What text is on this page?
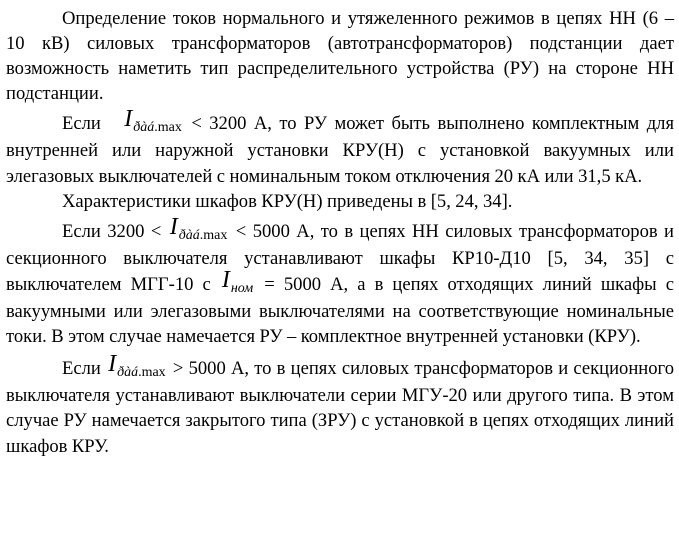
Определение токов нормального и утяжеленного режимов в цепях НН (6 – 10 кВ) силовых трансформаторов (автотрансформаторов) подстанции дает возможность наметить тип распределительного устройства (РУ) на стороне НН подстанции.

Если Iðàá.max < 3200 А, то РУ может быть выполнено комплектным для внутренней или наружной установки КРУ(Н) с установкой вакуумных или элегазовых выключателей с номинальным током отключения 20 кА или 31,5 кА.

Характеристики шкафов КРУ(Н) приведены в [5, 24, 34].

Если 3200 < Iðàá.max < 5000 А, то в цепях НН силовых трансформаторов и секционного выключателя устанавливают шкафы КР10-Д10 [5, 34, 35] с выключателем МГГ-10 с Iном = 5000 А, а в цепях отходящих линий шкафы с вакуумными или элегазовыми выключателями на соответствующие номинальные токи. В этом случае намечается РУ – комплектное внутренней установки (КРУ).

Если Iðàá.max > 5000 А, то в цепях силовых трансформаторов и секционного выключателя устанавливают выключатели серии МГУ-20 или другого типа. В этом случае РУ намечается закрытого типа (ЗРУ) с установкой в цепях отходящих линий шкафов КРУ.
